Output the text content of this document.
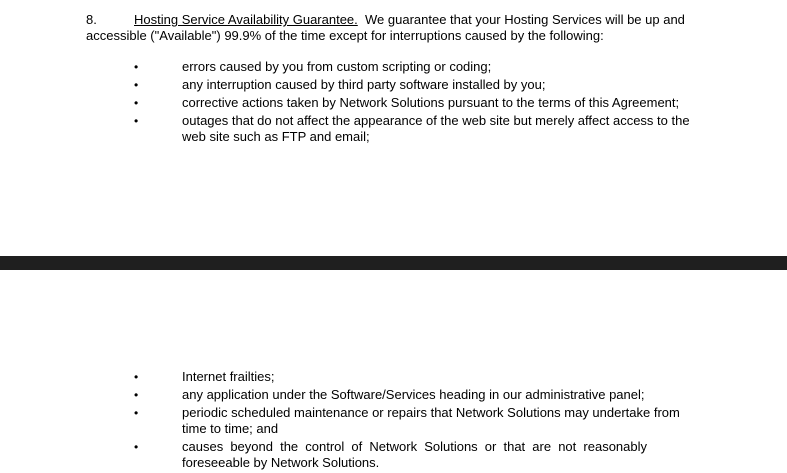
8.	Hosting Service Availability Guarantee. We guarantee that your Hosting Services will be up and accessible ("Available") 99.9% of the time except for interruptions caused by the following:
•	errors caused by you from custom scripting or coding;
•	any interruption caused by third party software installed by you;
•	corrective actions taken by Network Solutions pursuant to the terms of this Agreement;
•	outages that do not affect the appearance of the web site but merely affect access to the web site such as FTP and email;
•	Internet frailties;
•	any application under the Software/Services heading in our administrative panel;
•	periodic scheduled maintenance or repairs that Network Solutions may undertake from time to time; and
•	causes beyond the control of Network Solutions or that are not reasonably foreseeable by Network Solutions.
